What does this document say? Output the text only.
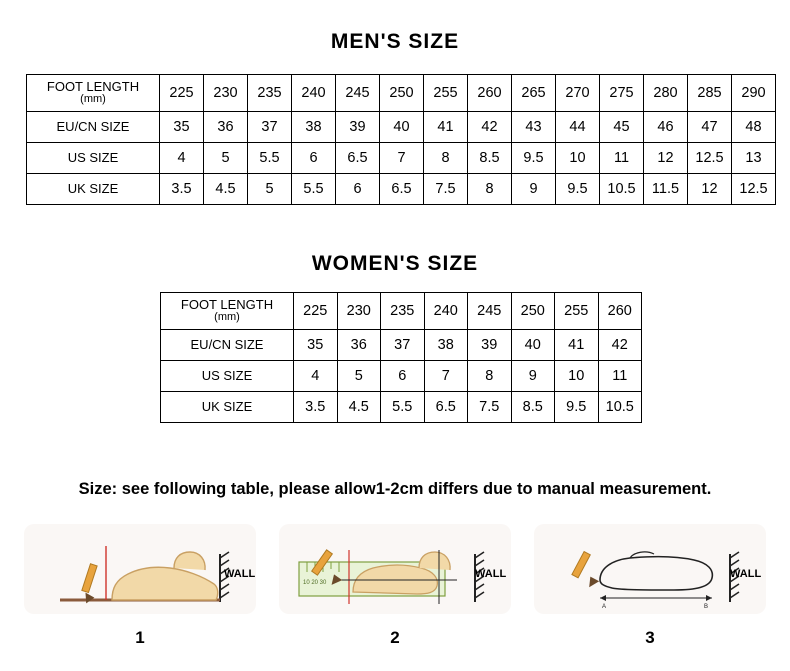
MEN'S SIZE
FOOT LENGTH
(mm)	225	230	235	240	245	250	255	260	265	270	275	280	285	290
EU/CN SIZE	35	36	37	38	39	40	41	42	43	44	45	46	47	48
US SIZE	4	5	5.5	6	6.5	7	8	8.5	9.5	10	11	12	12.5	13
UK SIZE	3.5	4.5	5	5.5	6	6.5	7.5	8	9	9.5	10.5	11.5	12	12.5
WOMEN'S SIZE
FOOT LENGTH
(mm)	225	230	235	240	245	250	255	260
EU/CN SIZE	35	36	37	38	39	40	41	42
US SIZE	4	5	6	7	8	9	10	11
UK SIZE	3.5	4.5	5.5	6.5	7.5	8.5	9.5	10.5
Size: see following table, please allow1-2cm differs due to manual measurement.
WALL
1
WALL
10 20 30
2
WALL
A	B
3
